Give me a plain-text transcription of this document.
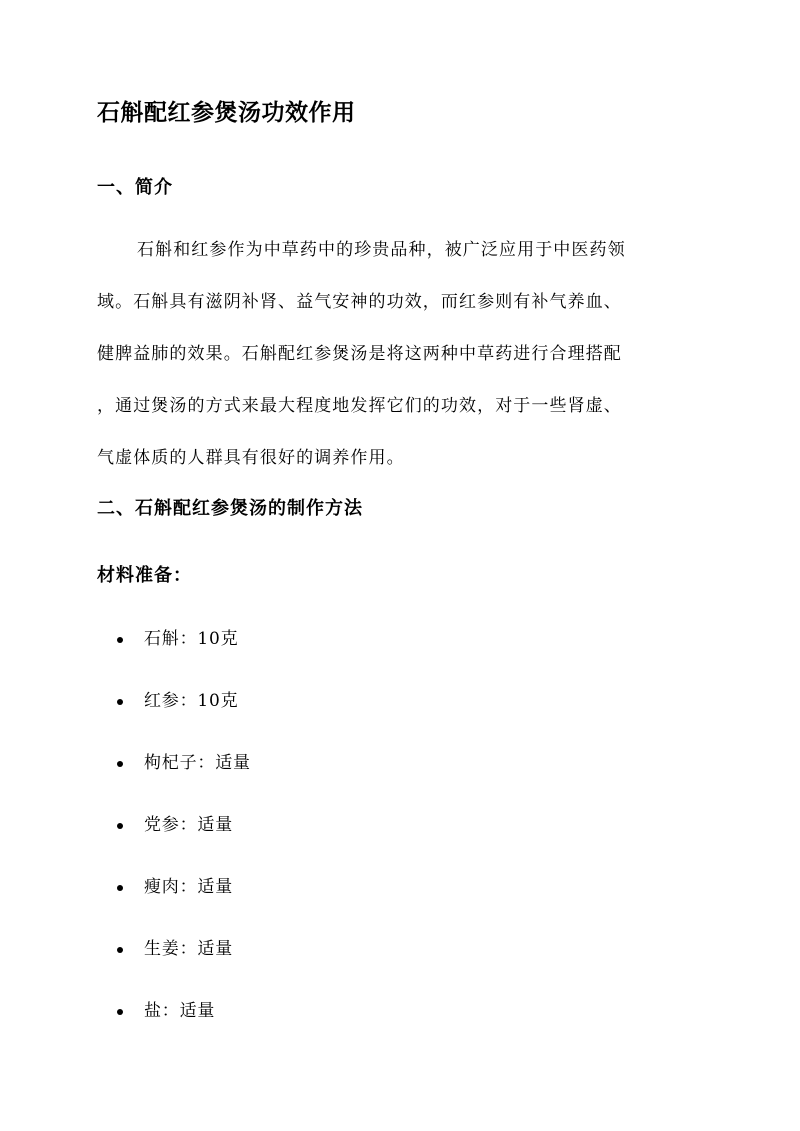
石斛配红参煲汤功效作用
一、简介

石斛和红参作为中草药中的珍贵品种，被广泛应用于中医药领
域。石斛具有滋阴补肾、益气安神的功效，而红参则有补气养血、
健脾益肺的效果。石斛配红参煲汤是将这两种中草药进行合理搭配
，通过煲汤的方式来最大程度地发挥它们的功效，对于一些肾虚、
气虚体质的人群具有很好的调养作用。

二、石斛配红参煲汤的制作方法
材料准备：
石斛：10克
红参：10克
枸杞子：适量
党参：适量
瘦肉：适量
生姜：适量
盐：适量
